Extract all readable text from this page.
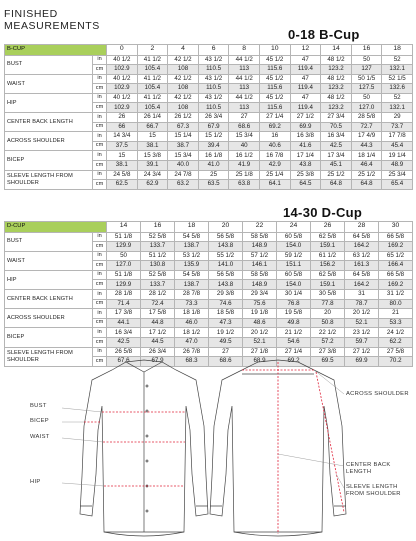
FINISHED MEASUREMENTS
0-18 B-Cup
14-30 D-Cup
B-CUP		0	2	4	6	8	10	12	14	16	18
BUST	in	40 1/2	41 1/2	42 1/2	43 1/2	44 1/2	45 1/2	47	48 1/2	50	52
	cm	102.9	105.4	108	110.5	113	115.6	119.4	123.2	127	132.1
WAIST	in	40 1/2	41 1/2	42 1/2	43 1/2	44 1/2	45 1/2	47	48 1/2	50 1/5	52 1/5
	cm	102.9	105.4	108	110.5	113	115.6	119.4	123.2	127.5	132.6
HIP	in	40 1/2	41 1/2	42 1/2	43 1/2	44 1/2	45 1/2	47	48 1/2	50	52
	cm	102.9	105.4	108	110.5	113	115.6	119.4	123.2	127.0	132.1
CENTER BACK LENGTH	in	26	26 1/4	26 1/2	26 3/4	27	27 1/4	27 1/2	27 3/4	28 5/8	29
	cm	66	66.7	67.3	67.9	68.6	69.2	69.9	70.5	72.7	73.7
ACROSS SHOULDER	in	14 3/4	15	15 1/4	15 1/2	15 3/4	16	16 3/8	16 3/4	17 4/9	17 7/8
	cm	37.5	38.1	38.7	39.4	40	40.6	41.6	42.5	44.3	45.4
BICEP	in	15	15 3/8	15 3/4	16 1/8	16 1/2	16 7/8	17 1/4	17 3/4	18 1/4	19 1/4
	cm	38.1	39.1	40.0	41.0	41.9	42.9	43.8	45.1	46.4	48.9
SLEEVE LENGTH FROM SHOULDER	in	24 5/8	24 3/4	24 7/8	25	25 1/8	25 1/4	25 3/8	25 1/2	25 1/2	25 3/4
	cm	62.5	62.9	63.2	63.5	63.8	64.1	64.5	64.8	64.8	65.4
D-CUP		14	16	18	20	22	24	26	28	30
BUST	in	51 1/8	52 5/8	54 5/8	56 5/8	58 5/8	60 5/8	62 5/8	64 5/8	66 5/8
	cm	129.9	133.7	138.7	143.8	148.9	154.0	159.1	164.2	169.2
WAIST	in	50	51 1/2	53 1/2	55 1/2	57 1/2	59 1/2	61 1/2	63 1/2	65 1/2
	cm	127.0	130.8	135.9	141.0	146.1	151.1	156.2	161.3	166.4
HIP	in	51 1/8	52 5/8	54 5/8	56 5/8	58 5/8	60 5/8	62 5/8	64 5/8	66 5/8
	cm	129.9	133.7	138.7	143.8	148.9	154.0	159.1	164.2	169.2
CENTER BACK LENGTH	in	28 1/8	28 1/2	28 7/8	29 3/8	29 3/4	30 1/4	30 5/8	31	31 1/2
	cm	71.4	72.4	73.3	74.6	75.6	76.8	77.8	78.7	80.0
ACROSS SHOULDER	in	17 3/8	17 5/8	18 1/8	18 5/8	19 1/8	19 5/8	20	20 1/2	21
	cm	44.1	44.8	46.0	47.3	48.6	49.8	50.8	52.1	53.3
BICEP	in	16 3/4	17 1/2	18 1/2	19 1/2	20 1/2	21 1/2	22 1/2	23 1/2	24 1/2
	cm	42.5	44.5	47.0	49.5	52.1	54.6	57.2	59.7	62.2
SLEEVE LENGTH FROM SHOULDER	in	26 5/8	26 3/4	26 7/8	27	27 1/8	27 1/4	27 3/8	27 1/2	27 5/8
	cm	67.6	67.9	68.3	68.6	68.9	69.2	69.5	69.9	70.2
BUST
BICEP
WAIST
HIP
ACROSS SHOULDER
CENTER BACK LENGTH
SLEEVE LENGTH FROM SHOULDER
